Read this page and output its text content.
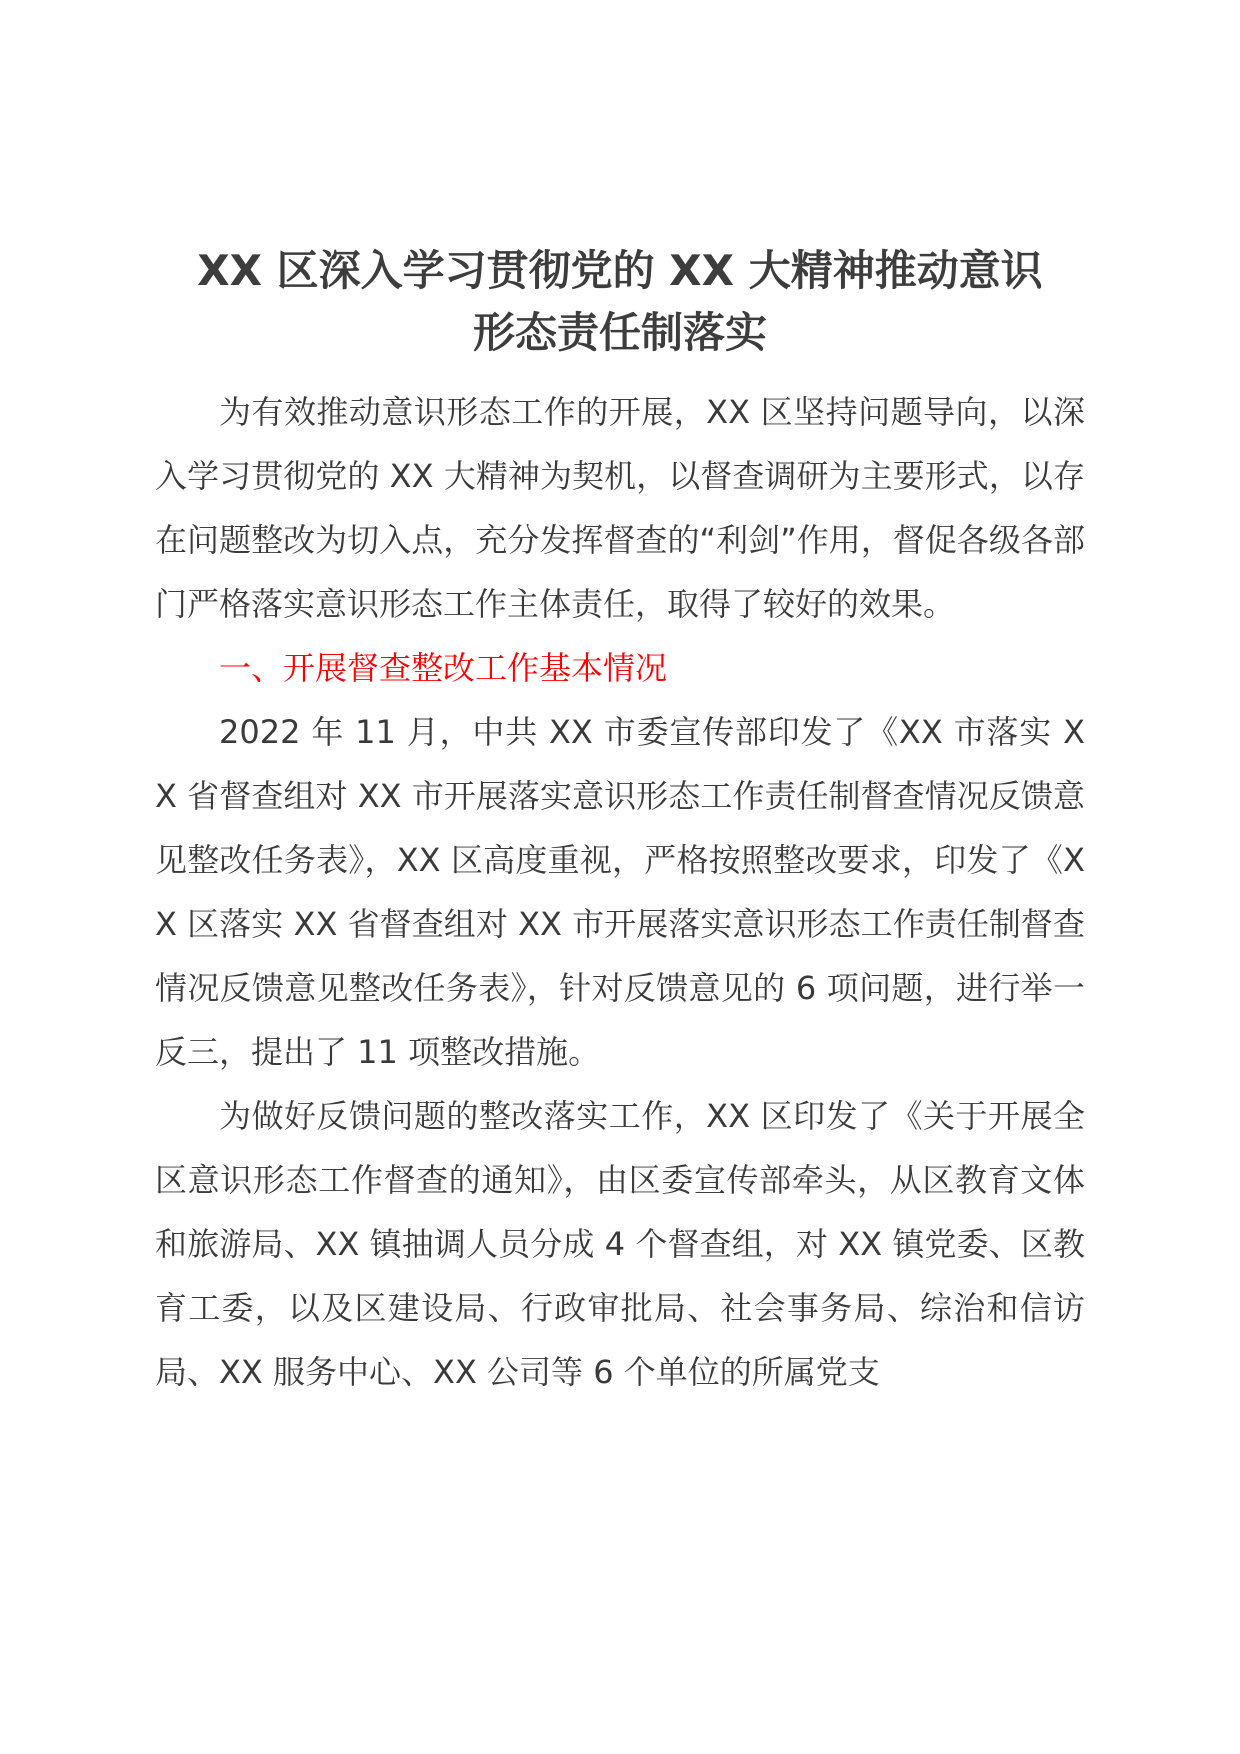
XX 区深入学习贯彻党的 XX 大精神推动意识
形态责任制落实

为有效推动意识形态工作的开展，XX 区坚持问题导向，以深入学习贯彻党的 XX 大精神为契机，以督查调研为主要形式，以存在问题整改为切入点，充分发挥督查的“利剑”作用，督促各级各部门严格落实意识形态工作主体责任，取得了较好的效果。

一、开展督查整改工作基本情况

2022 年 11 月，中共 XX 市委宣传部印发了《XX 市落实 XX 省督查组对 XX 市开展落实意识形态工作责任制督查情况反馈意见整改任务表》，XX 区高度重视，严格按照整改要求，印发了《XX 区落实 XX 省督查组对 XX 市开展落实意识形态工作责任制督查情况反馈意见整改任务表》，针对反馈意见的 6 项问题，进行举一反三，提出了 11 项整改措施。

为做好反馈问题的整改落实工作，XX 区印发了《关于开展全区意识形态工作督查的通知》，由区委宣传部牵头，从区教育文体和旅游局、XX 镇抽调人员分成 4 个督查组，对 XX 镇党委、区教育工委，以及区建设局、行政审批局、社会事务局、综治和信访局、XX 服务中心、XX 公司等 6 个单位的所属党支
